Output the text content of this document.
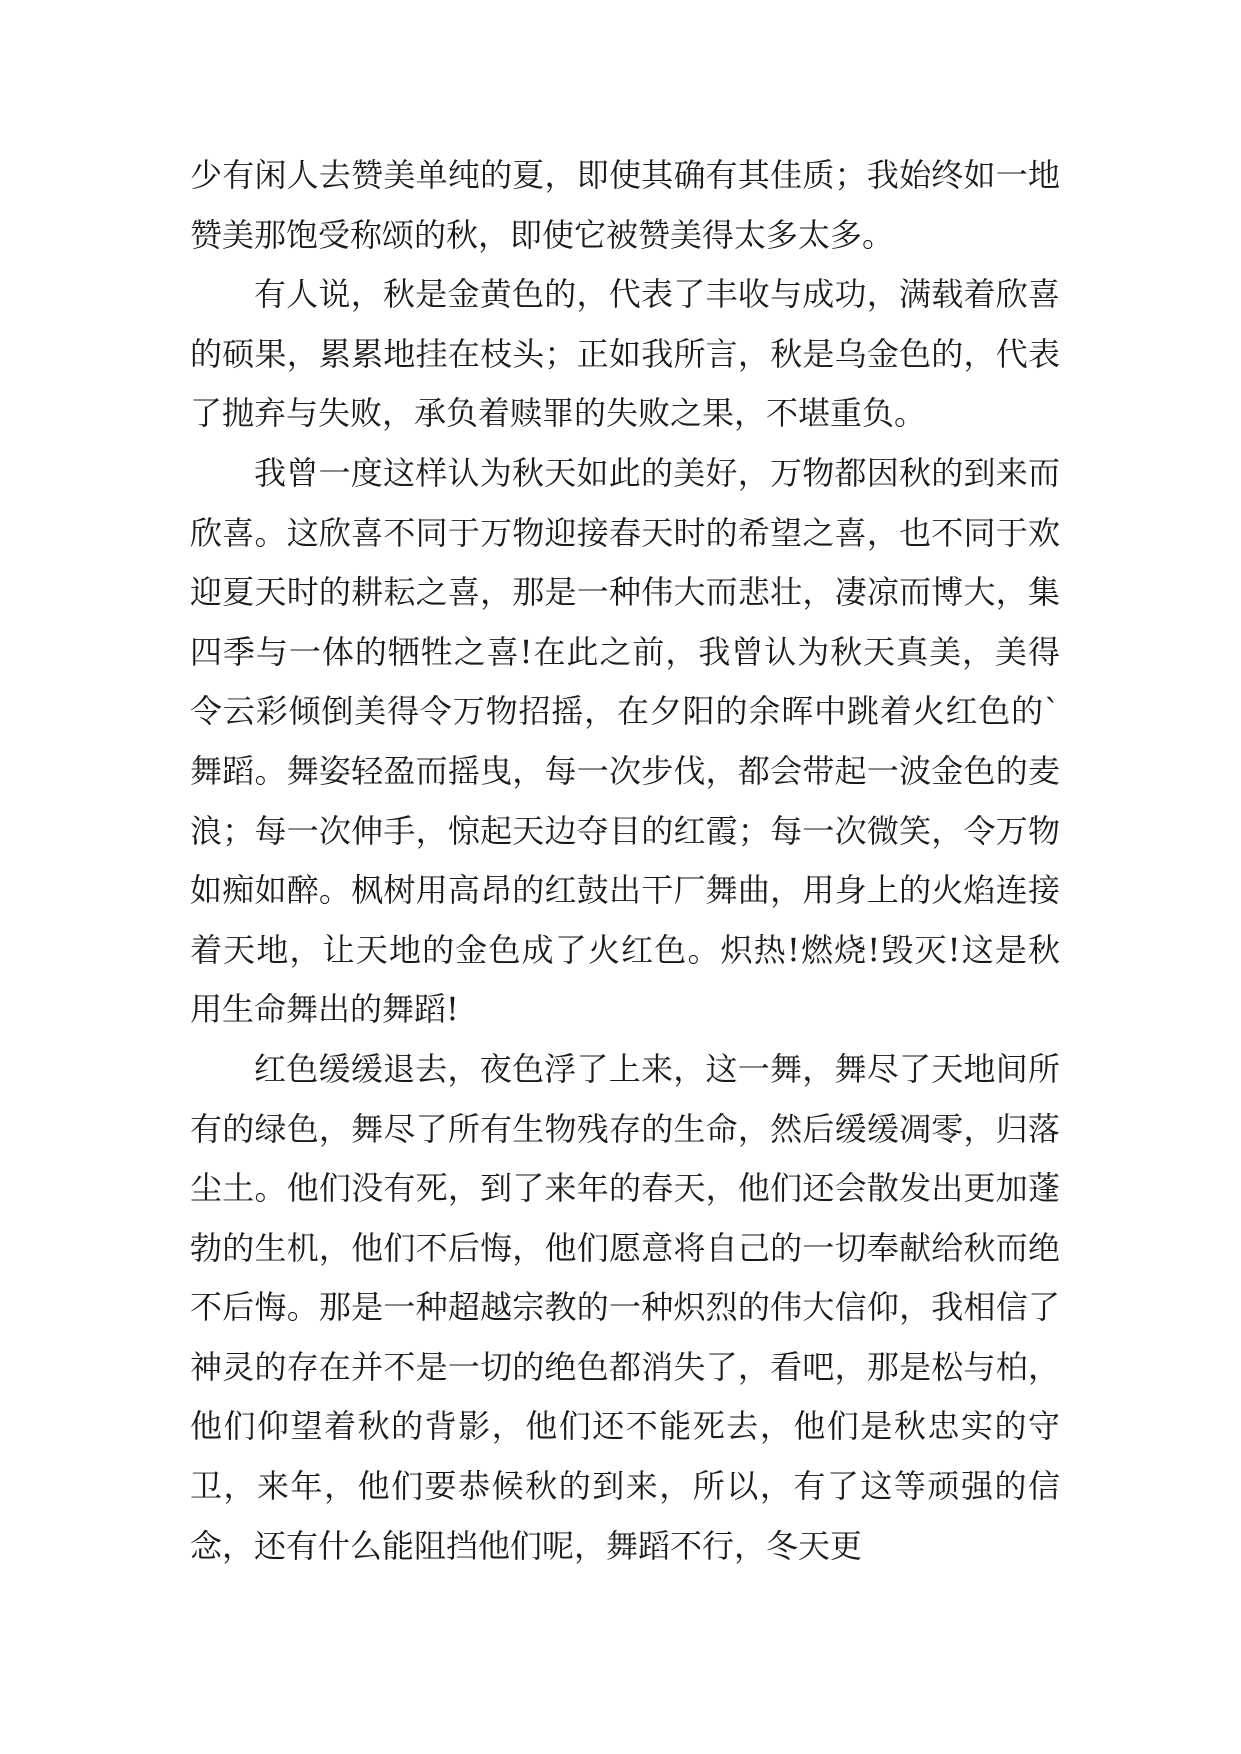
少有闲人去赞美单纯的夏，即使其确有其佳质；我始终如一地赞美那饱受称颂的秋，即使它被赞美得太多太多。

有人说，秋是金黄色的，代表了丰收与成功，满载着欣喜的硕果，累累地挂在枝头；正如我所言，秋是乌金色的，代表了抛弃与失败，承负着赎罪的失败之果，不堪重负。

我曾一度这样认为秋天如此的美好，万物都因秋的到来而欣喜。这欣喜不同于万物迎接春天时的希望之喜，也不同于欢迎夏天时的耕耘之喜，那是一种伟大而悲壮，凄凉而博大，集四季与一体的牺牲之喜!在此之前，我曾认为秋天真美，美得令云彩倾倒美得令万物招摇，在夕阳的余晖中跳着火红色的`舞蹈。舞姿轻盈而摇曳，每一次步伐，都会带起一波金色的麦浪；每一次伸手，惊起天边夺目的红霞；每一次微笑，令万物如痴如醉。枫树用高昂的红鼓出干厂舞曲，用身上的火焰连接着天地，让天地的金色成了火红色。炽热!燃烧!毁灭!这是秋用生命舞出的舞蹈!

红色缓缓退去，夜色浮了上来，这一舞，舞尽了天地间所有的绿色，舞尽了所有生物残存的生命，然后缓缓凋零，归落尘土。他们没有死，到了来年的春天，他们还会散发出更加蓬勃的生机，他们不后悔，他们愿意将自己的一切奉献给秋而绝不后悔。那是一种超越宗教的一种炽烈的伟大信仰，我相信了神灵的存在并不是一切的绝色都消失了，看吧，那是松与柏，他们仰望着秋的背影，他们还不能死去，他们是秋忠实的守卫，来年，他们要恭候秋的到来，所以，有了这等顽强的信念，还有什么能阻挡他们呢，舞蹈不行，冬天更
